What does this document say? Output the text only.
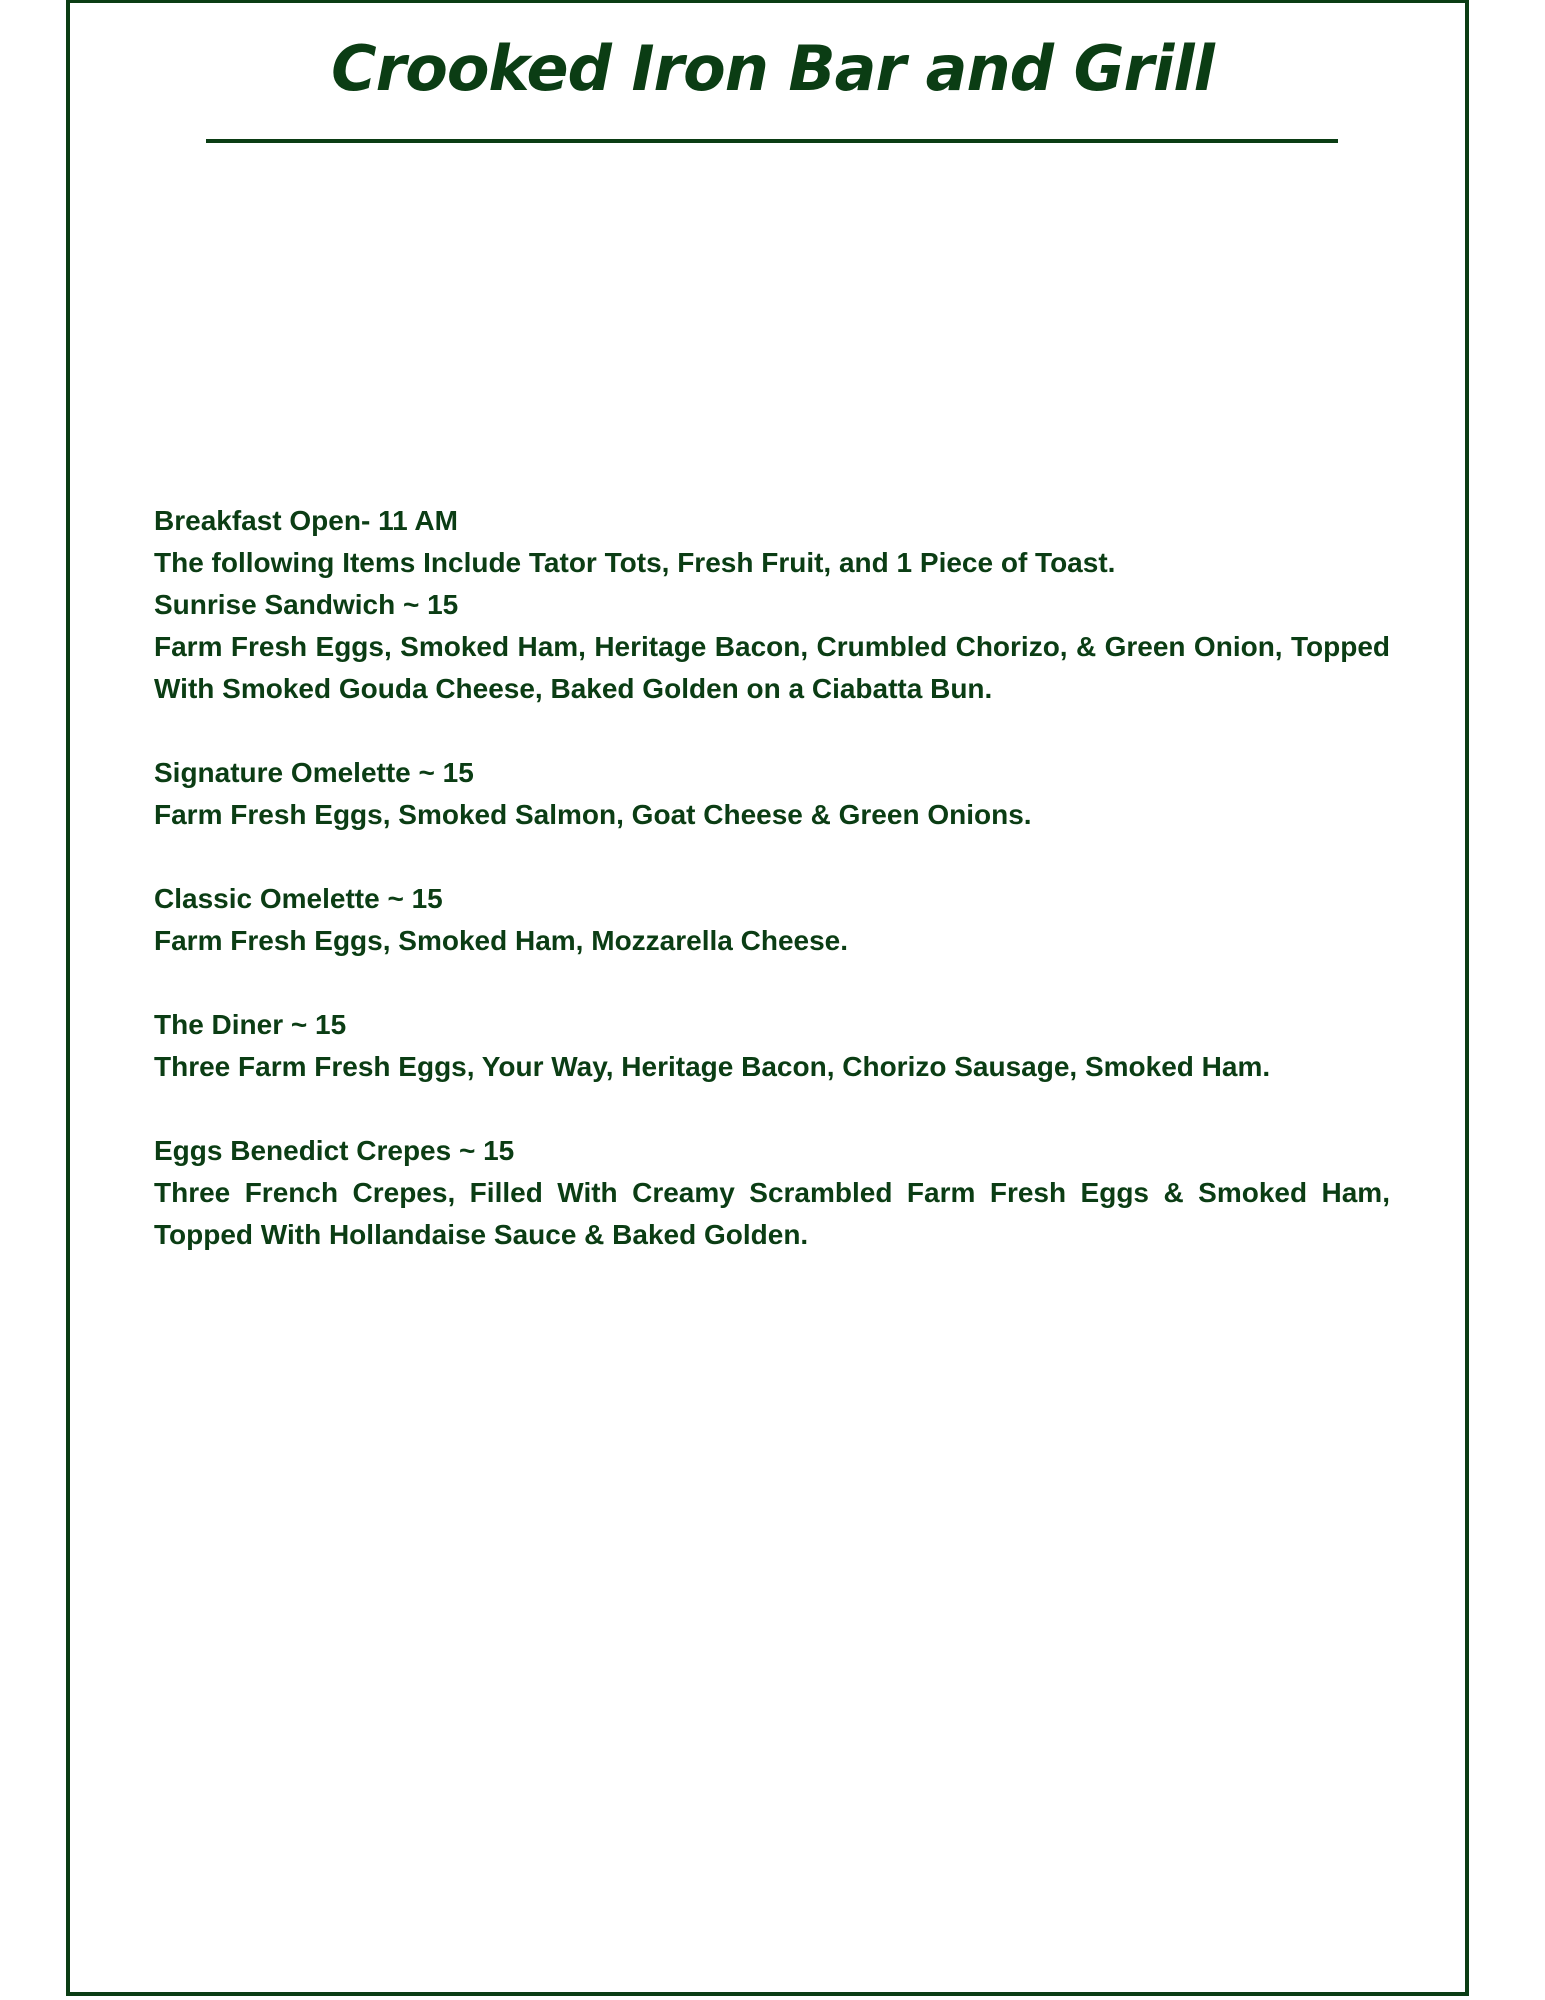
Crooked Iron Bar and Grill

Breakfast Open- 11 AM

The following Items Include Tator Tots, Fresh Fruit, and 1 Piece of Toast.

Sunrise Sandwich ~ 15

Farm Fresh Eggs, Smoked Ham, Heritage Bacon, Crumbled Chorizo, & Green Onion, Topped With Smoked Gouda Cheese, Baked Golden on a Ciabatta Bun.

Signature Omelette ~ 15

Farm Fresh Eggs, Smoked Salmon, Goat Cheese & Green Onions.

Classic Omelette ~ 15

Farm Fresh Eggs, Smoked Ham, Mozzarella Cheese.

The Diner ~ 15

Three Farm Fresh Eggs, Your Way, Heritage Bacon, Chorizo Sausage, Smoked Ham.

Eggs Benedict Crepes ~ 15

Three French Crepes, Filled With Creamy Scrambled Farm Fresh Eggs & Smoked Ham, Topped With Hollandaise Sauce & Baked Golden.
